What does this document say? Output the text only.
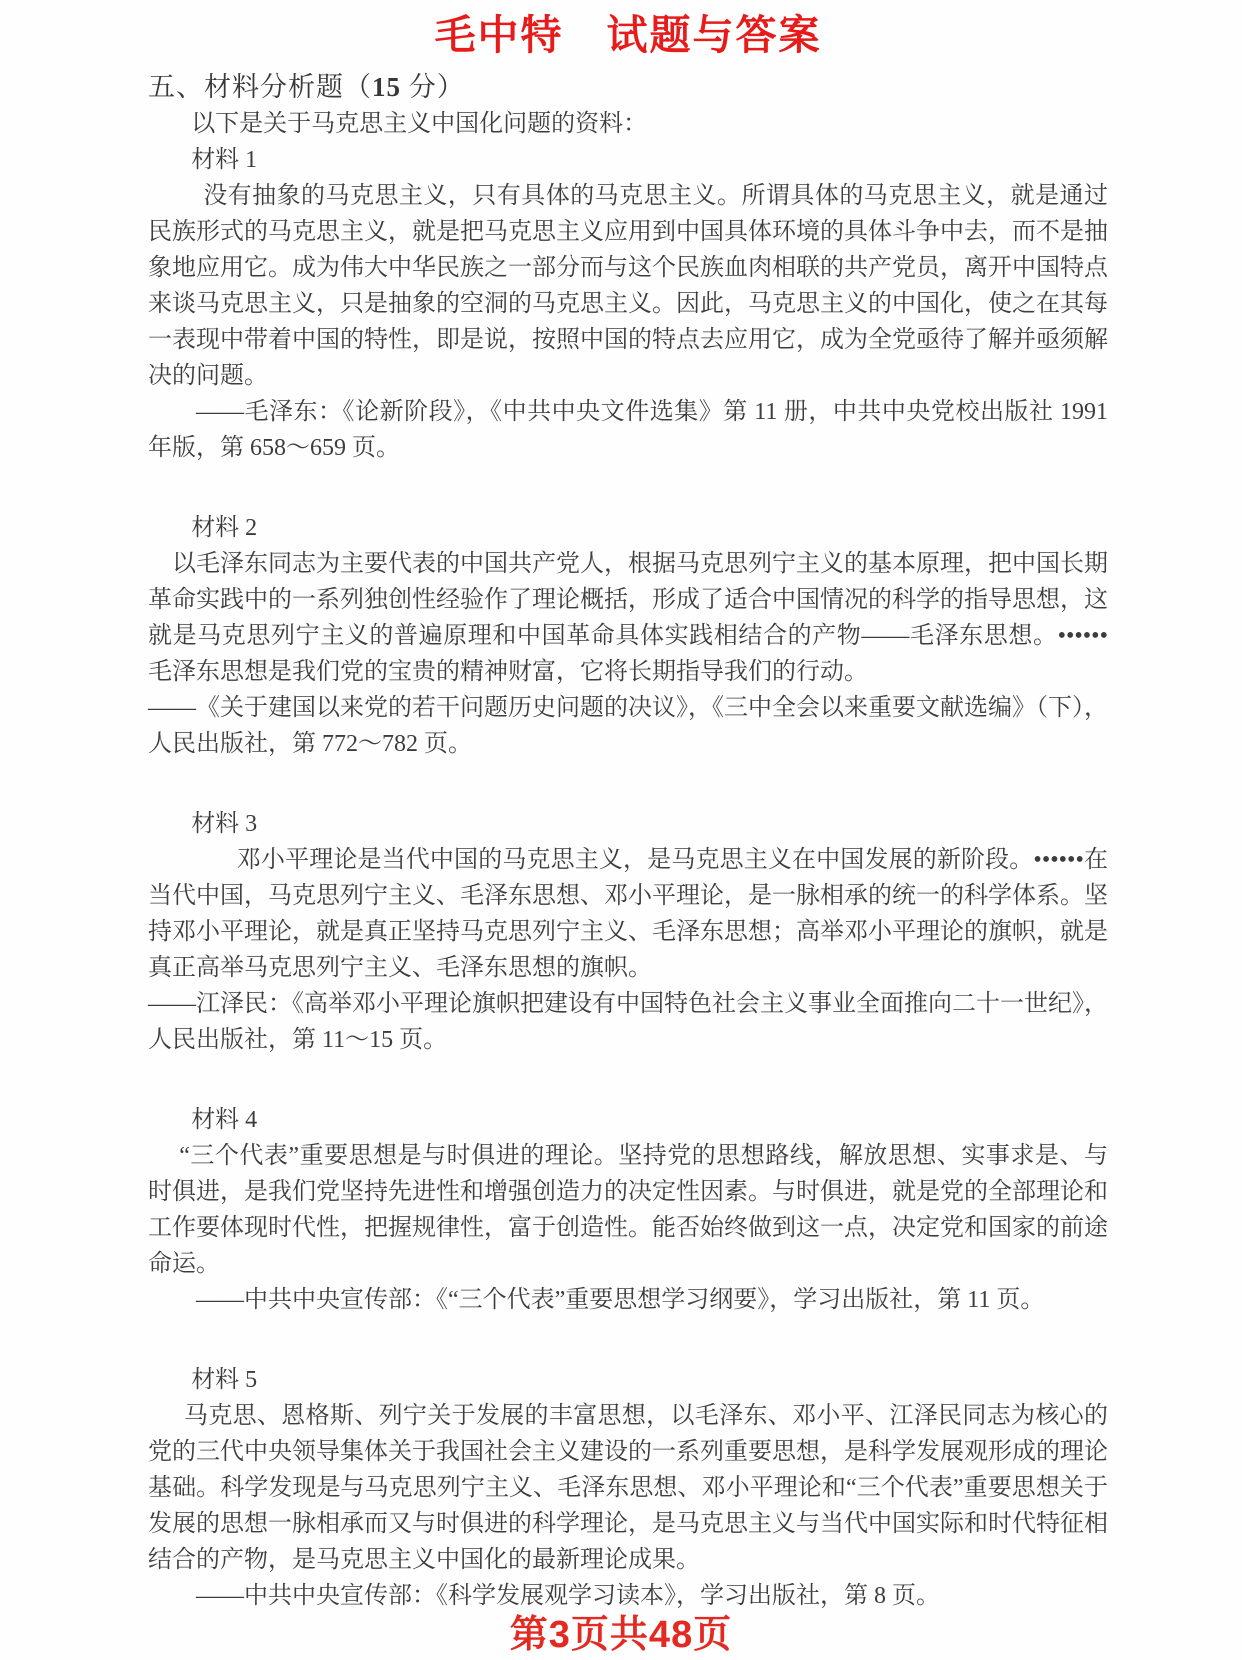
毛中特　试题与答案
五、材料分析题（15 分）

以下是关于马克思主义中国化问题的资料：

材料 1

没有抽象的马克思主义，只有具体的马克思主义。所谓具体的马克思主义，就是通过民族形式的马克思主义，就是把马克思主义应用到中国具体环境的具体斗争中去，而不是抽象地应用它。成为伟大中华民族之一部分而与这个民族血肉相联的共产党员，离开中国特点来谈马克思主义，只是抽象的空洞的马克思主义。因此，马克思主义的中国化，使之在其每一表现中带着中国的特性，即是说，按照中国的特点去应用它，成为全党亟待了解并亟须解决的问题。

——毛泽东：《论新阶段》，《中共中央文件选集》第 11 册，中共中央党校出版社 1991 年版，第 658～659 页。

材料 2

以毛泽东同志为主要代表的中国共产党人，根据马克思列宁主义的基本原理，把中国长期革命实践中的一系列独创性经验作了理论概括，形成了适合中国情况的科学的指导思想，这就是马克思列宁主义的普遍原理和中国革命具体实践相结合的产物——毛泽东思想。•••••• 毛泽东思想是我们党的宝贵的精神财富，它将长期指导我们的行动。

——《关于建国以来党的若干问题历史问题的决议》，《三中全会以来重要文献选编》（下），人民出版社，第 772～782 页。

材料 3

邓小平理论是当代中国的马克思主义，是马克思主义在中国发展的新阶段。••••••在当代中国，马克思列宁主义、毛泽东思想、邓小平理论，是一脉相承的统一的科学体系。坚持邓小平理论，就是真正坚持马克思列宁主义、毛泽东思想；高举邓小平理论的旗帜，就是真正高举马克思列宁主义、毛泽东思想的旗帜。

——江泽民：《高举邓小平理论旗帜把建设有中国特色社会主义事业全面推向二十一世纪》，人民出版社，第 11～15 页。

材料 4

“三个代表”重要思想是与时俱进的理论。坚持党的思想路线，解放思想、实事求是、与时俱进，是我们党坚持先进性和增强创造力的决定性因素。与时俱进，就是党的全部理论和工作要体现时代性，把握规律性，富于创造性。能否始终做到这一点，决定党和国家的前途命运。

——中共中央宣传部：《“三个代表”重要思想学习纲要》，学习出版社，第 11 页。

材料 5

马克思、恩格斯、列宁关于发展的丰富思想，以毛泽东、邓小平、江泽民同志为核心的党的三代中央领导集体关于我国社会主义建设的一系列重要思想，是科学发展观形成的理论基础。科学发现是与马克思列宁主义、毛泽东思想、邓小平理论和“三个代表”重要思想关于发展的思想一脉相承而又与时俱进的科学理论，是马克思主义与当代中国实际和时代特征相结合的产物，是马克思主义中国化的最新理论成果。

——中共中央宣传部：《科学发展观学习读本》，学习出版社，第 8 页。

第3页共48页
